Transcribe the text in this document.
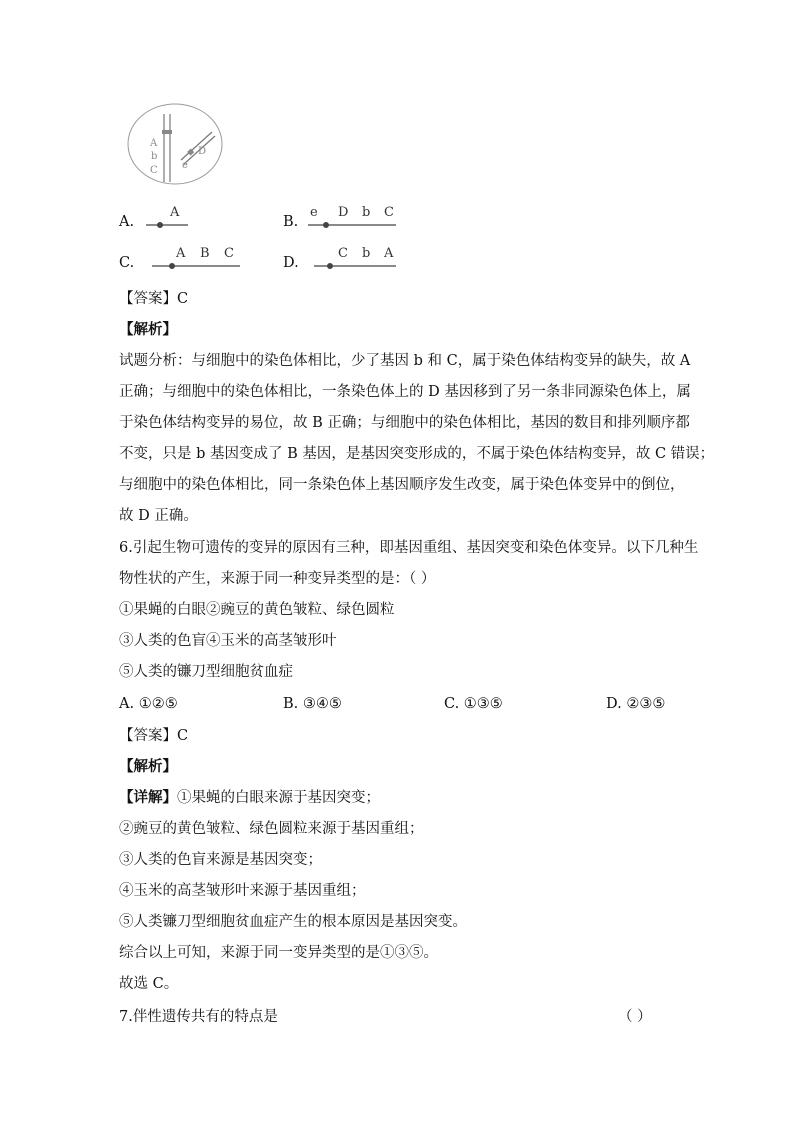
A
b
C
D
e
A.
A
B.
e D b C
C.
A B C
D.
C b A
【答案】C
【解析】
试题分析：与细胞中的染色体相比，少了基因 b 和 C，属于染色体结构变异的缺失，故 A
正确；与细胞中的染色体相比，一条染色体上的 D 基因移到了另一条非同源染色体上，属
于染色体结构变异的易位，故 B 正确；与细胞中的染色体相比，基因的数目和排列顺序都
不变，只是 b 基因变成了 B 基因，是基因突变形成的，不属于染色体结构变异，故 C 错误；
与细胞中的染色体相比，同一条染色体上基因顺序发生改变，属于染色体变异中的倒位，
故 D 正确。
6.引起生物可遗传的变异的原因有三种，即基因重组、基因突变和染色体变异。以下几种生
物性状的产生，来源于同一种变异类型的是：（ ）
①果蝇的白眼②豌豆的黄色皱粒、绿色圆粒
③人类的色盲④玉米的高茎皱形叶
⑤人类的镰刀型细胞贫血症
A. ①②⑤	B. ③④⑤	C. ①③⑤	D. ②③⑤
【答案】C
【解析】
【详解】①果蝇的白眼来源于基因突变；
②豌豆的黄色皱粒、绿色圆粒来源于基因重组；
③人类的色盲来源是基因突变；
④玉米的高茎皱形叶来源于基因重组；
⑤人类镰刀型细胞贫血症产生的根本原因是基因突变。
综合以上可知，来源于同一变异类型的是①③⑤。
故选 C。
7.伴性遗传共有的特点是	（ ）
